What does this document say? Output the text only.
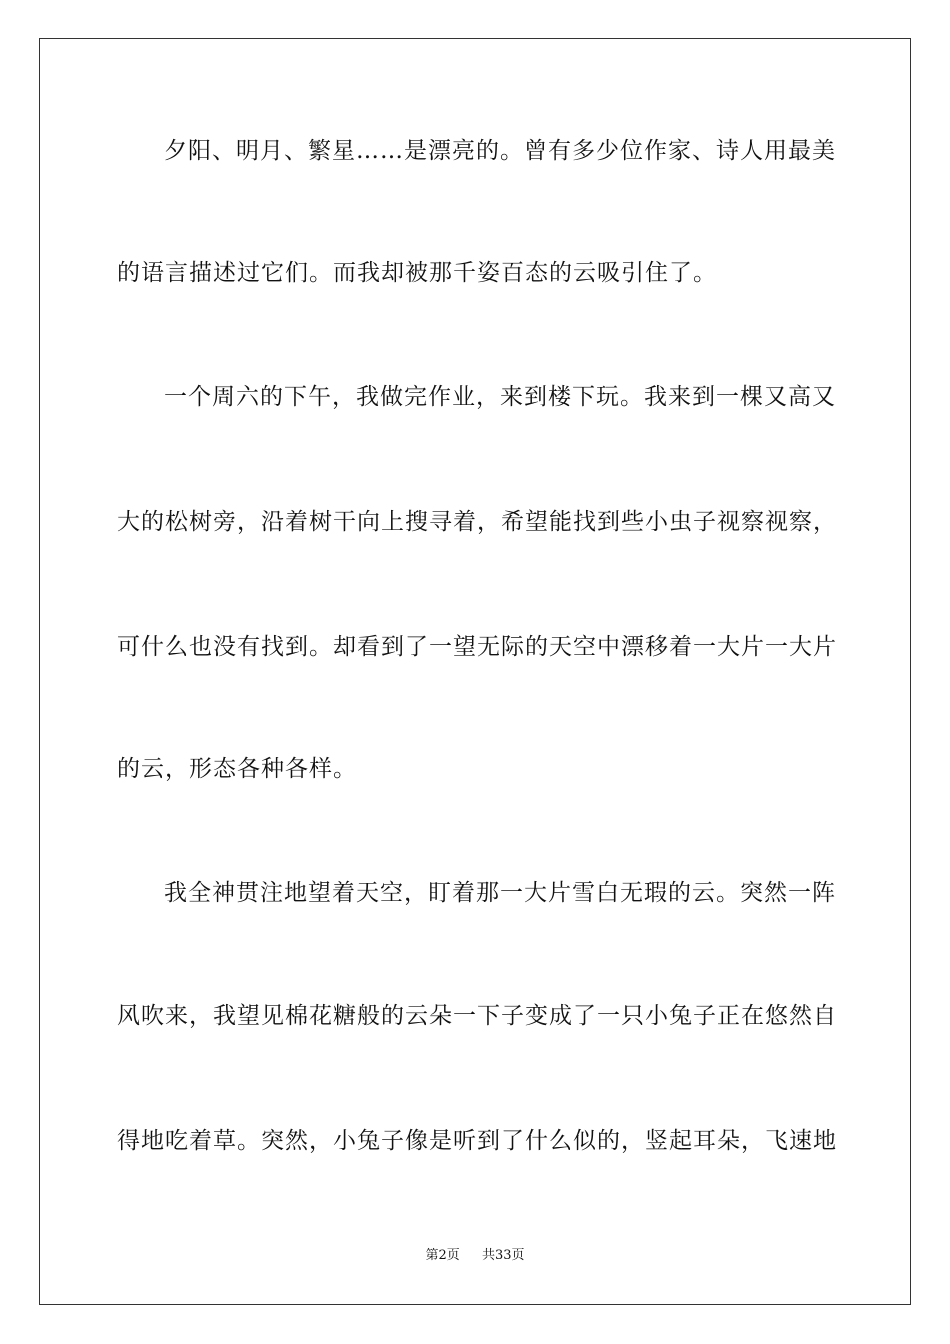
夕阳、明月、繁星……是漂亮的。曾有多少位作家、诗人用最美
的语言描述过它们。而我却被那千姿百态的云吸引住了。
一个周六的下午，我做完作业，来到楼下玩。我来到一棵又高又
大的松树旁，沿着树干向上搜寻着，希望能找到些小虫子视察视察，
可什么也没有找到。却看到了一望无际的天空中漂移着一大片一大片
的云，形态各种各样。
我全神贯注地望着天空，盯着那一大片雪白无瑕的云。突然一阵
风吹来，我望见棉花糖般的云朵一下子变成了一只小兔子正在悠然自
得地吃着草。突然，小兔子像是听到了什么似的，竖起耳朵，飞速地
第2页 共33页
